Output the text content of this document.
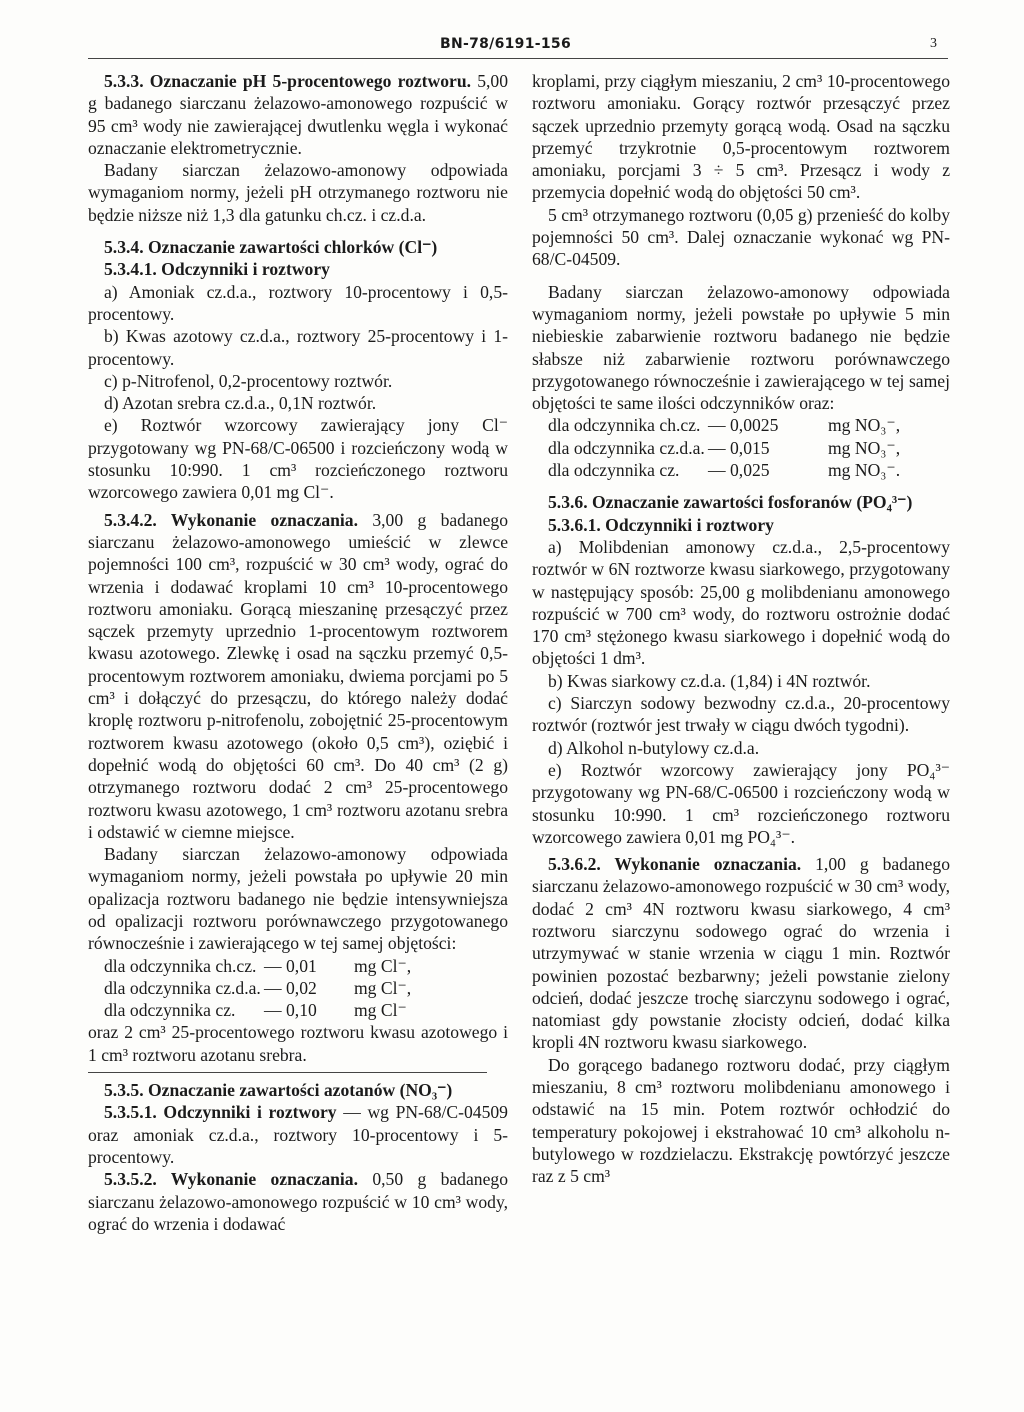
BN-78/6191-156	3

5.3.3. Oznaczanie pH 5-procentowego roztworu. 5,00 g badanego siarczanu żelazowo-amonowego rozpuścić w 95 cm³ wody nie zawierającej dwutlenku węgla i wykonać oznaczanie elektrometrycznie.

Badany siarczan żelazowo-amonowy odpowiada wymaganiom normy, jeżeli pH otrzymanego roztworu nie będzie niższe niż 1,3 dla gatunku ch.cz. i cz.d.a.

5.3.4. Oznaczanie zawartości chlorków (Cl⁻)

5.3.4.1. Odczynniki i roztwory

a) Amoniak cz.d.a., roztwory 10-procentowy i 0,5-procentowy.

b) Kwas azotowy cz.d.a., roztwory 25-procentowy i 1-procentowy.

c) p-Nitrofenol, 0,2-procentowy roztwór.

d) Azotan srebra cz.d.a., 0,1N roztwór.

e) Roztwór wzorcowy zawierający jony Cl⁻ przygotowany wg PN-68/C-06500 i rozcieńczony wodą w stosunku 10:990. 1 cm³ rozcieńczonego roztworu wzorcowego zawiera 0,01 mg Cl⁻.

5.3.4.2. Wykonanie oznaczania. 3,00 g badanego siarczanu żelazowo-amonowego umieścić w zlewce pojemności 100 cm³, rozpuścić w 30 cm³ wody, ograć do wrzenia i dodawać kroplami 10 cm³ 10-procentowego roztworu amoniaku. Gorącą mieszaninę przesączyć przez sączek przemyty uprzednio 1-procentowym roztworem kwasu azotowego. Zlewkę i osad na sączku przemyć 0,5-procentowym roztworem amoniaku, dwiema porcjami po 5 cm³ i dołączyć do przesączu, do którego należy dodać kroplę roztworu p-nitrofenolu, zobojętnić 25-procentowym roztworem kwasu azotowego (około 0,5 cm³), oziębić i dopełnić wodą do objętości 60 cm³. Do 40 cm³ (2 g) otrzymanego roztworu dodać 2 cm³ 25-procentowego roztworu kwasu azotowego, 1 cm³ roztworu azotanu srebra i odstawić w ciemne miejsce.

Badany siarczan żelazowo-amonowy odpowiada wymaganiom normy, jeżeli powstała po upływie 20 min opalizacja roztworu badanego nie będzie intensywniejsza od opalizacji roztworu porównawczego przygotowanego równocześnie i zawierającego w tej samej objętości:

dla odczynnika ch.cz. — 0,01	mg Cl⁻,
dla odczynnika cz.d.a. — 0,02	mg Cl⁻,
dla odczynnika cz.	— 0,10	mg Cl⁻

oraz 2 cm³ 25-procentowego roztworu kwasu azotowego i 1 cm³ roztworu azotanu srebra.

5.3.5. Oznaczanie zawartości azotanów (NO₃⁻)

5.3.5.1. Odczynniki i roztwory — wg PN-68/C-04509 oraz amoniak cz.d.a., roztwory 10-procentowy i 5-procentowy.

5.3.5.2. Wykonanie oznaczania. 0,50 g badanego siarczanu żelazowo-amonowego rozpuścić w 10 cm³ wody, ograć do wrzenia i dodawać

kroplami, przy ciągłym mieszaniu, 2 cm³ 10-procentowego roztworu amoniaku. Gorący roztwór przesączyć przez sączek uprzednio przemyty gorącą wodą. Osad na sączku przemyć trzykrotnie 0,5-procentowym roztworem amoniaku, porcjami 3 ÷ 5 cm³. Przesącz i wody z przemycia dopełnić wodą do objętości 50 cm³.

5 cm³ otrzymanego roztworu (0,05 g) przenieść do kolby pojemności 50 cm³. Dalej oznaczanie wykonać wg PN-68/C-04509.

Badany siarczan żelazowo-amonowy odpowiada wymaganiom normy, jeżeli powstałe po upływie 5 min niebieskie zabarwienie roztworu badanego nie będzie słabsze niż zabarwienie roztworu porównawczego przygotowanego równocześnie i zawierającego w tej samej objętości te same ilości odczynników oraz:

dla odczynnika ch.cz. — 0,0025	mg NO₃⁻,
dla odczynnika cz.d.a. — 0,015	mg NO₃⁻,
dla odczynnika cz.	— 0,025	mg NO₃⁻.

5.3.6. Oznaczanie zawartości fosforanów (PO₄³⁻)

5.3.6.1. Odczynniki i roztwory

a) Molibdenian amonowy cz.d.a., 2,5-procentowy roztwór w 6N roztworze kwasu siarkowego, przygotowany w następujący sposób: 25,00 g molibdenianu amonowego rozpuścić w 700 cm³ wody, do roztworu ostrożnie dodać 170 cm³ stężonego kwasu siarkowego i dopełnić wodą do objętości 1 dm³.

b) Kwas siarkowy cz.d.a. (1,84) i 4N roztwór.

c) Siarczyn sodowy bezwodny cz.d.a., 20-procentowy roztwór (roztwór jest trwały w ciągu dwóch tygodni).

d) Alkohol n-butylowy cz.d.a.

e) Roztwór wzorcowy zawierający jony PO₄³⁻ przygotowany wg PN-68/C-06500 i rozcieńczony wodą w stosunku 10:990. 1 cm³ rozcieńczonego roztworu wzorcowego zawiera 0,01 mg PO₄³⁻.

5.3.6.2. Wykonanie oznaczania. 1,00 g badanego siarczanu żelazowo-amonowego rozpuścić w 30 cm³ wody, dodać 2 cm³ 4N roztworu kwasu siarkowego, 4 cm³ roztworu siarczynu sodowego ograć do wrzenia i utrzymywać w stanie wrzenia w ciągu 1 min. Roztwór powinien pozostać bezbarwny; jeżeli powstanie zielony odcień, dodać jeszcze trochę siarczynu sodowego i ograć, natomiast gdy powstanie złocisty odcień, dodać kilka kropli 4N roztworu kwasu siarkowego.

Do gorącego badanego roztworu dodać, przy ciągłym mieszaniu, 8 cm³ roztworu molibdenianu amonowego i odstawić na 15 min. Potem roztwór ochłodzić do temperatury pokojowej i ekstrahować 10 cm³ alkoholu n-butylowego w rozdzielaczu. Ekstrakcję powtórzyć jeszcze raz z 5 cm³
